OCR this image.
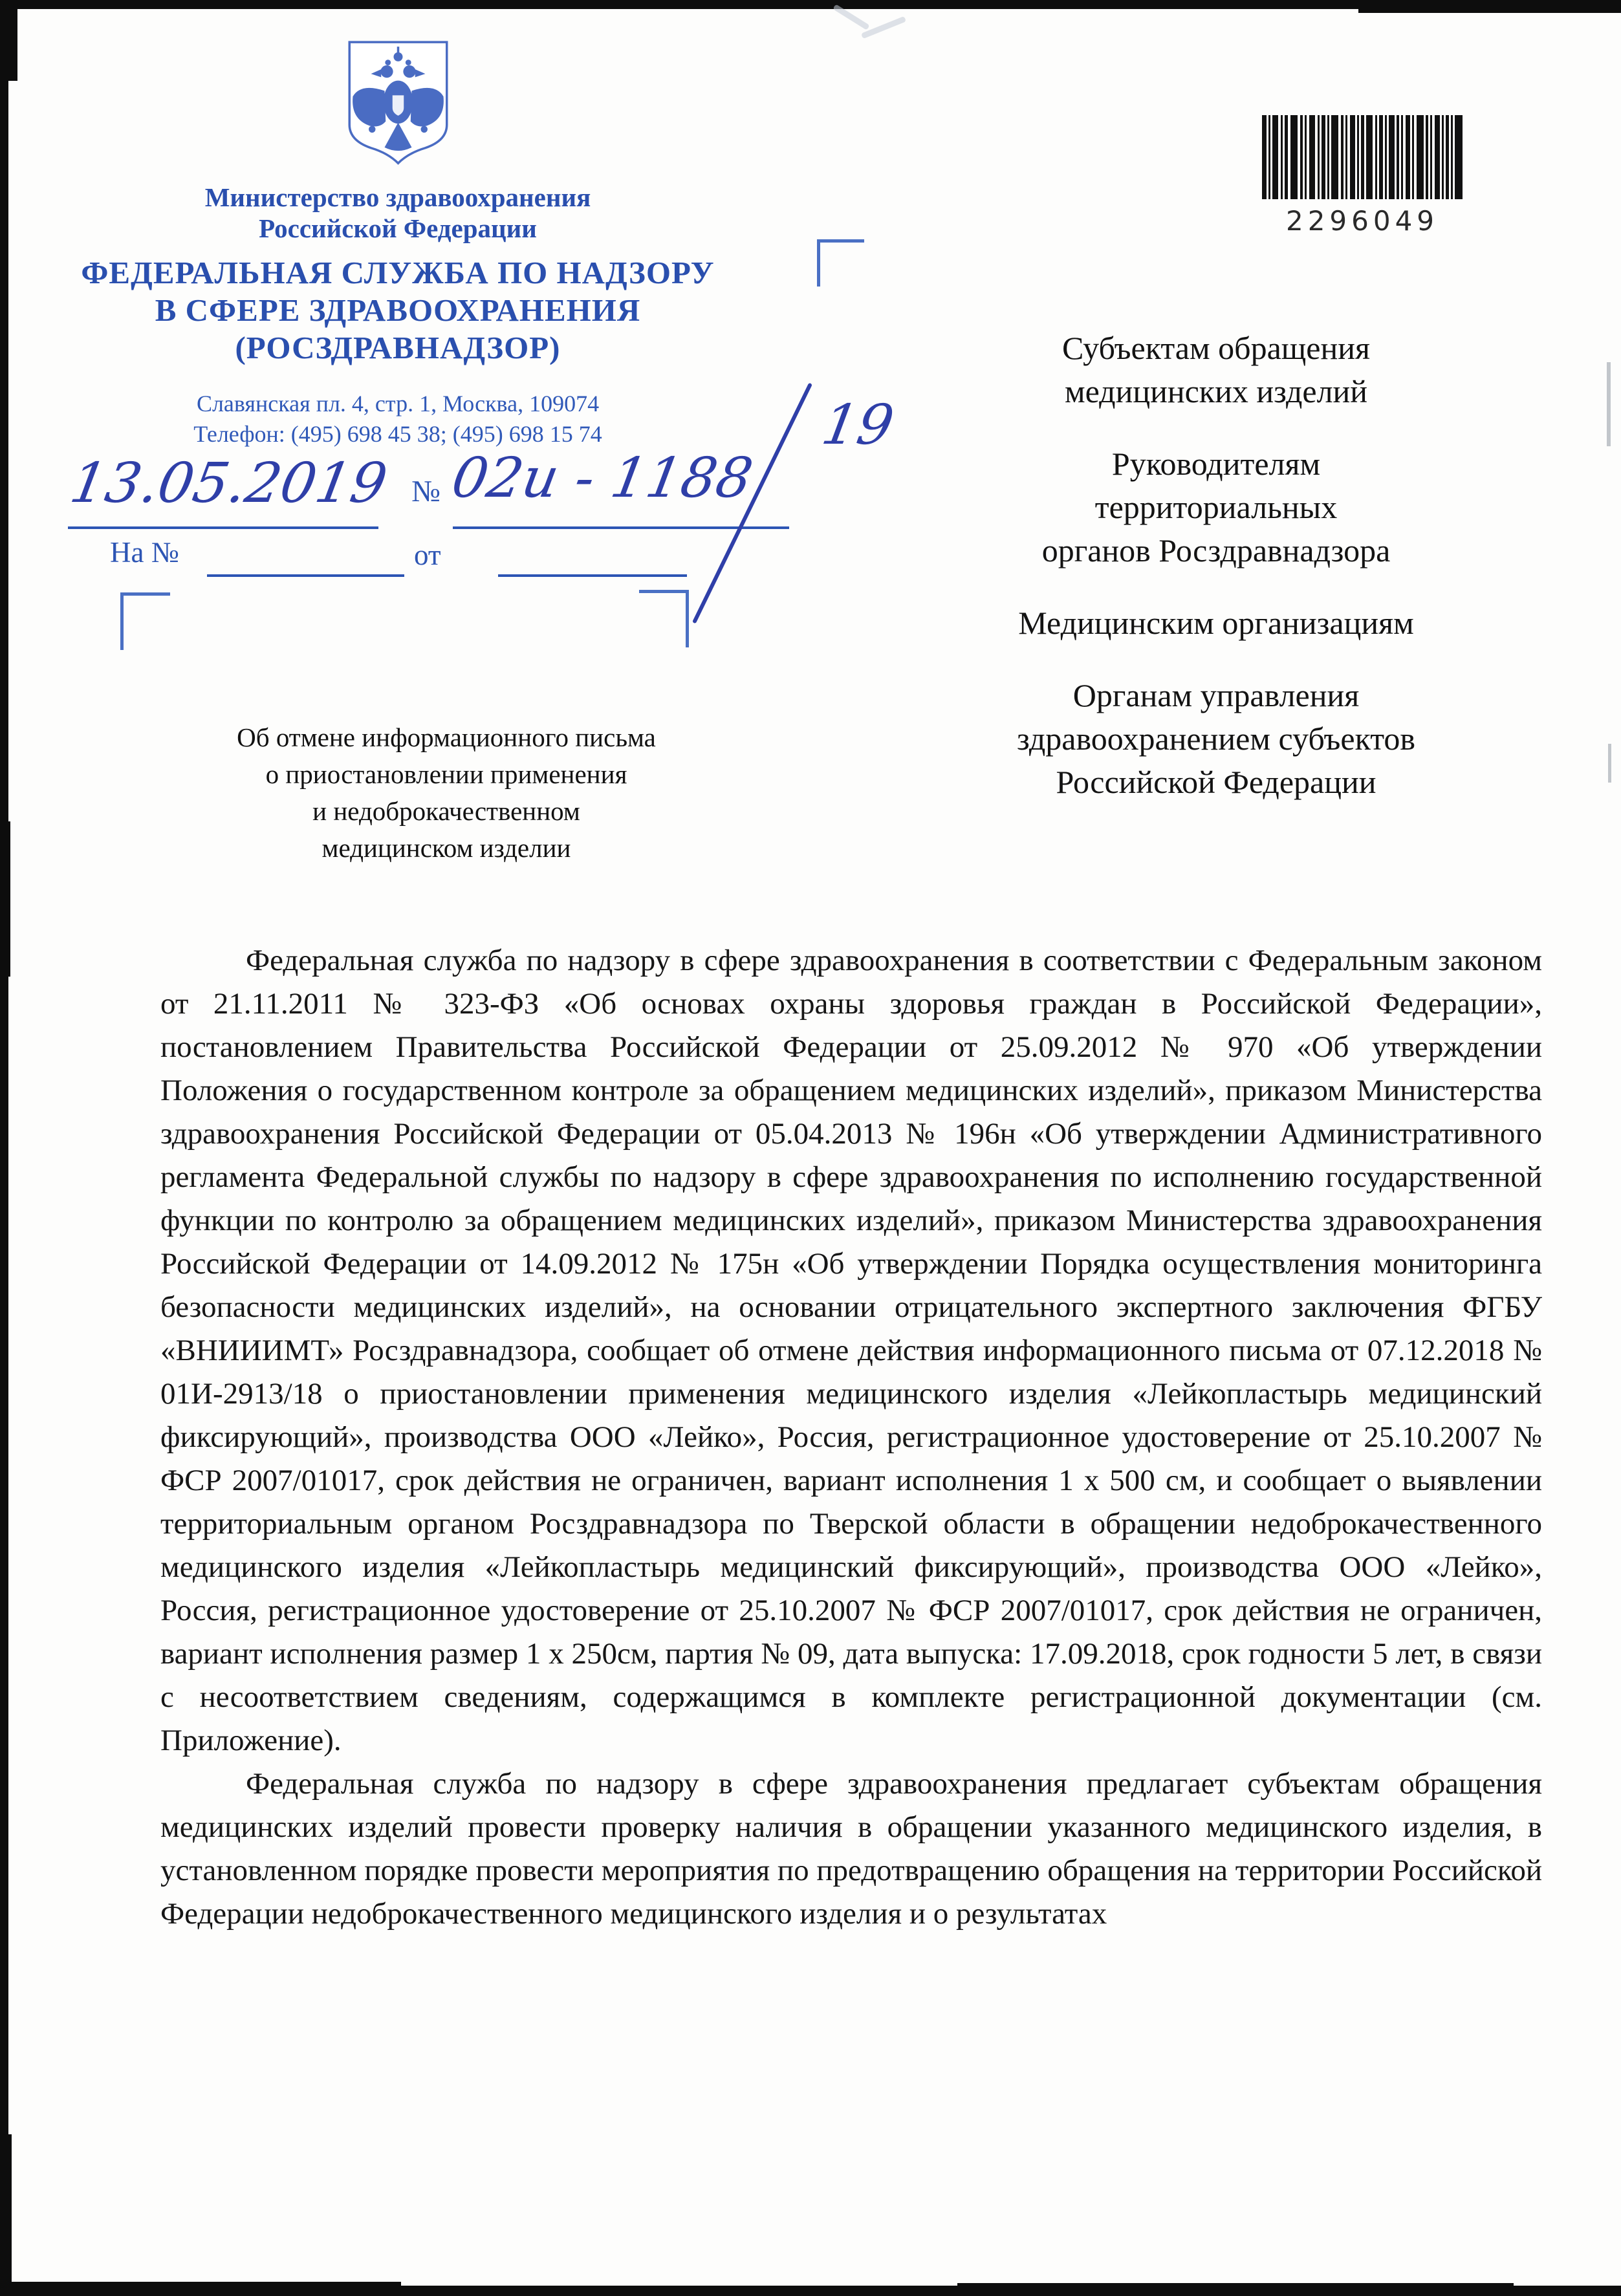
Министерство здравоохранения
Российской Федерации
ФЕДЕРАЛЬНАЯ СЛУЖБА ПО НАДЗОРУ
В СФЕРЕ ЗДРАВООХРАНЕНИЯ
(РОСЗДРАВНАДЗОР)
Славянская пл. 4, стр. 1, Москва, 109074
Телефон: (495) 698 45 38; (495) 698 15 74
13.05.2019 № 02и - 1188
19
На №	от
2296049
Субъектам обращения
медицинских изделий
Руководителям
территориальных
органов Росздравнадзора
Медицинским организациям
Органам управления
здравоохранением субъектов
Российской Федерации
Об отмене информационного письма
о приостановлении применения
и недоброкачественном
медицинском изделии

Федеральная служба по надзору в сфере здравоохранения в соответствии с Федеральным законом от 21.11.2011 № 323-ФЗ «Об основах охраны здоровья граждан в Российской Федерации», постановлением Правительства Российской Федерации от 25.09.2012 № 970 «Об утверждении Положения о государственном контроле за обращением медицинских изделий», приказом Министерства здравоохранения Российской Федерации от 05.04.2013 № 196н «Об утверждении Административного регламента Федеральной службы по надзору в сфере здравоохранения по исполнению государственной функции по контролю за обращением медицинских изделий», приказом Министерства здравоохранения Российской Федерации от 14.09.2012 № 175н «Об утверждении Порядка осуществления мониторинга безопасности медицинских изделий», на основании отрицательного экспертного заключения ФГБУ «ВНИИИМТ» Росздравнадзора, сообщает об отмене действия информационного письма от 07.12.2018 № 01И-2913/18 о приостановлении применения медицинского изделия «Лейкопластырь медицинский фиксирующий», производства ООО «Лейко», Россия, регистрационное удостоверение от 25.10.2007 № ФСР 2007/01017, срок действия не ограничен, вариант исполнения 1 х 500 см, и сообщает о выявлении территориальным органом Росздравнадзора по Тверской области в обращении недоброкачественного медицинского изделия «Лейкопластырь медицинский фиксирующий», производства ООО «Лейко», Россия, регистрационное удостоверение от 25.10.2007 № ФСР 2007/01017, срок действия не ограничен, вариант исполнения размер 1 х 250см, партия № 09, дата выпуска: 17.09.2018, срок годности 5 лет, в связи с несоответствием сведениям, содержащимся в комплекте регистрационной документации (см. Приложение).

Федеральная служба по надзору в сфере здравоохранения предлагает субъектам обращения медицинских изделий провести проверку наличия в обращении указанного медицинского изделия, в установленном порядке провести мероприятия по предотвращению обращения на территории Российской Федерации недоброкачественного медицинского изделия и о результатах
